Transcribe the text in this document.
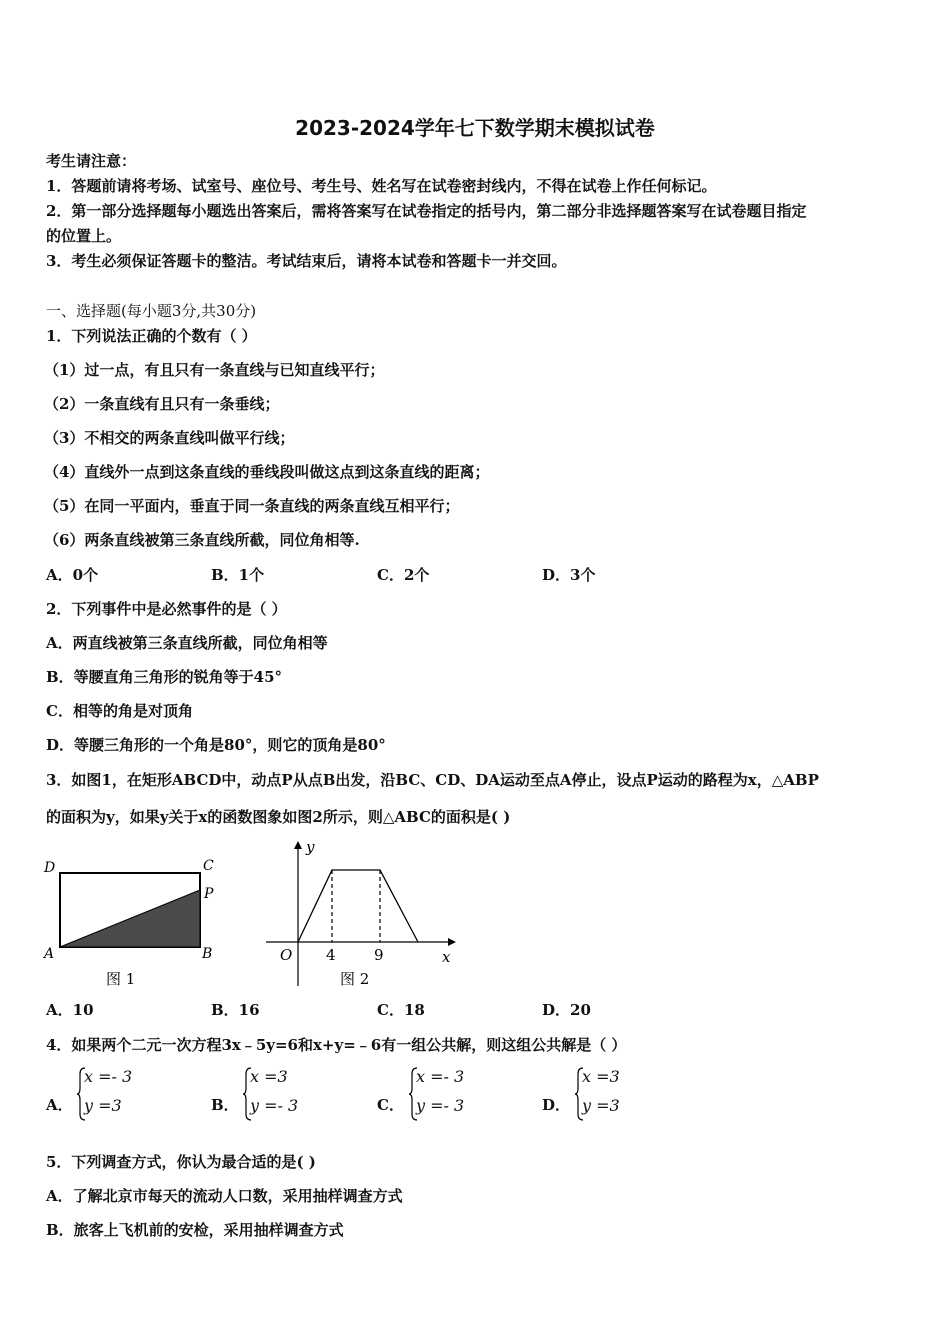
2023-2024学年七下数学期末模拟试卷
考生请注意：
1．答题前请将考场、试室号、座位号、考生号、姓名写在试卷密封线内，不得在试卷上作任何标记。
2．第一部分选择题每小题选出答案后，需将答案写在试卷指定的括号内，第二部分非选择题答案写在试卷题目指定
的位置上。
3．考生必须保证答题卡的整洁。考试结束后，请将本试卷和答题卡一并交回。
一、选择题(每小题3分,共30分)
1．下列说法正确的个数有（ ）
（1）过一点，有且只有一条直线与已知直线平行；
（2）一条直线有且只有一条垂线；
（3）不相交的两条直线叫做平行线；
（4）直线外一点到这条直线的垂线段叫做这点到这条直线的距离；
（5）在同一平面内，垂直于同一条直线的两条直线互相平行；
（6）两条直线被第三条直线所截，同位角相等.
A．0个	B．1个	C．2个	D．3个
2．下列事件中是必然事件的是（ ）
A．两直线被第三条直线所截，同位角相等
B．等腰直角三角形的锐角等于45°
C．相等的角是对顶角
D．等腰三角形的一个角是80°，则它的顶角是80°
3．如图1，在矩形ABCD中，动点P从点B出发，沿BC、CD、DA运动至点A停止，设点P运动的路程为x，△ABP
的面积为y，如果y关于x的函数图象如图2所示，则△ABC的面积是( )
D	C
P
A	B
图 1
y
x
O 4	9
图 2
A．10	B．16	C．18	D．20
4．如果两个二元一次方程3x﹣5y=6和x+y=﹣6有一组公共解，则这组公共解是（ ）
A．
x =- 3
y =3	B．
x =3
y =- 3	C．
x =- 3
y =- 3	D．
x =3
y =3
5．下列调查方式，你认为最合适的是( )
A．了解北京市每天的流动人口数，采用抽样调查方式
B．旅客上飞机前的安检，采用抽样调查方式
